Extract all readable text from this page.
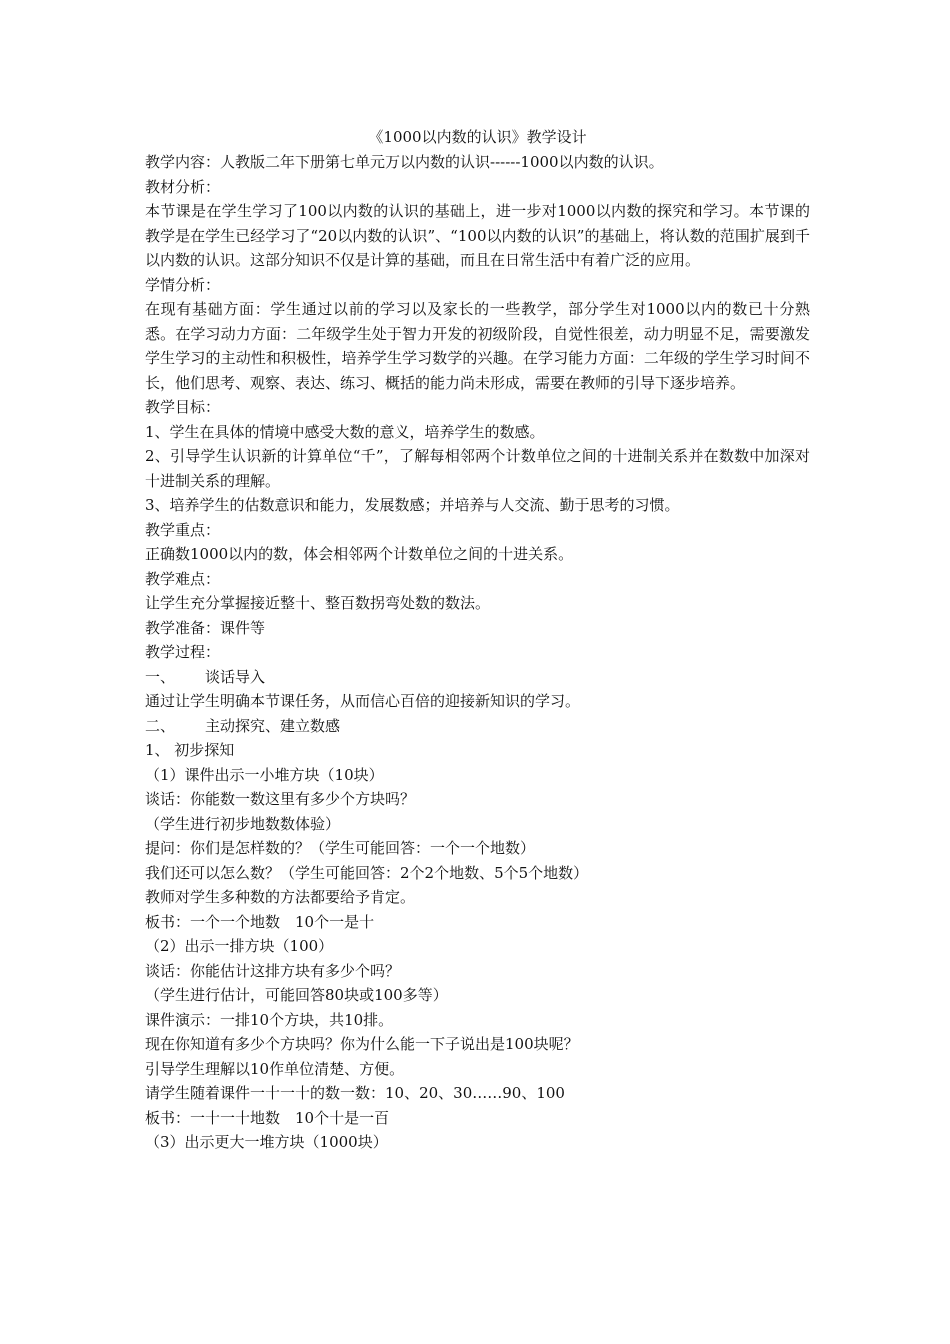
《1000以内数的认识》教学设计

教学内容：人教版二年下册第七单元万以内数的认识------1000以内数的认识。

教材分析：

本节课是在学生学习了100以内数的认识的基础上，进一步对1000以内数的探究和学习。本节课的教学是在学生已经学习了“20以内数的认识”、“100以内数的认识”的基础上，将认数的范围扩展到千以内数的认识。这部分知识不仅是计算的基础，而且在日常生活中有着广泛的应用。

学情分析：

在现有基础方面：学生通过以前的学习以及家长的一些教学，部分学生对1000以内的数已十分熟悉。在学习动力方面：二年级学生处于智力开发的初级阶段，自觉性很差，动力明显不足，需要激发学生学习的主动性和积极性，培养学生学习数学的兴趣。在学习能力方面：二年级的学生学习时间不长，他们思考、观察、表达、练习、概括的能力尚未形成，需要在教师的引导下逐步培养。

教学目标：

1、学生在具体的情境中感受大数的意义，培养学生的数感。

2、引导学生认识新的计算单位“千”，了解每相邻两个计数单位之间的十进制关系并在数数中加深对十进制关系的理解。

3、培养学生的估数意识和能力，发展数感；并培养与人交流、勤于思考的习惯。

教学重点：

正确数1000以内的数，体会相邻两个计数单位之间的十进关系。

教学难点：

让学生充分掌握接近整十、整百数拐弯处数的数法。

教学准备：课件等

教学过程：

一、 谈话导入

通过让学生明确本节课任务，从而信心百倍的迎接新知识的学习。

二、 主动探究、建立数感

1、 初步探知

（1）课件出示一小堆方块（10块）

谈话：你能数一数这里有多少个方块吗？

（学生进行初步地数数体验）

提问：你们是怎样数的？（学生可能回答：一个一个地数）

我们还可以怎么数？（学生可能回答：2个2个地数、5个5个地数）

教师对学生多种数的方法都要给予肯定。

板书：一个一个地数　10个一是十

（2）出示一排方块（100）

谈话：你能估计这排方块有多少个吗？

（学生进行估计，可能回答80块或100多等）

课件演示：一排10个方块，共10排。

现在你知道有多少个方块吗？你为什么能一下子说出是100块呢？

引导学生理解以10作单位清楚、方便。

请学生随着课件一十一十的数一数：10、20、30……90、100

板书：一十一十地数　10个十是一百

（3）出示更大一堆方块（1000块）
